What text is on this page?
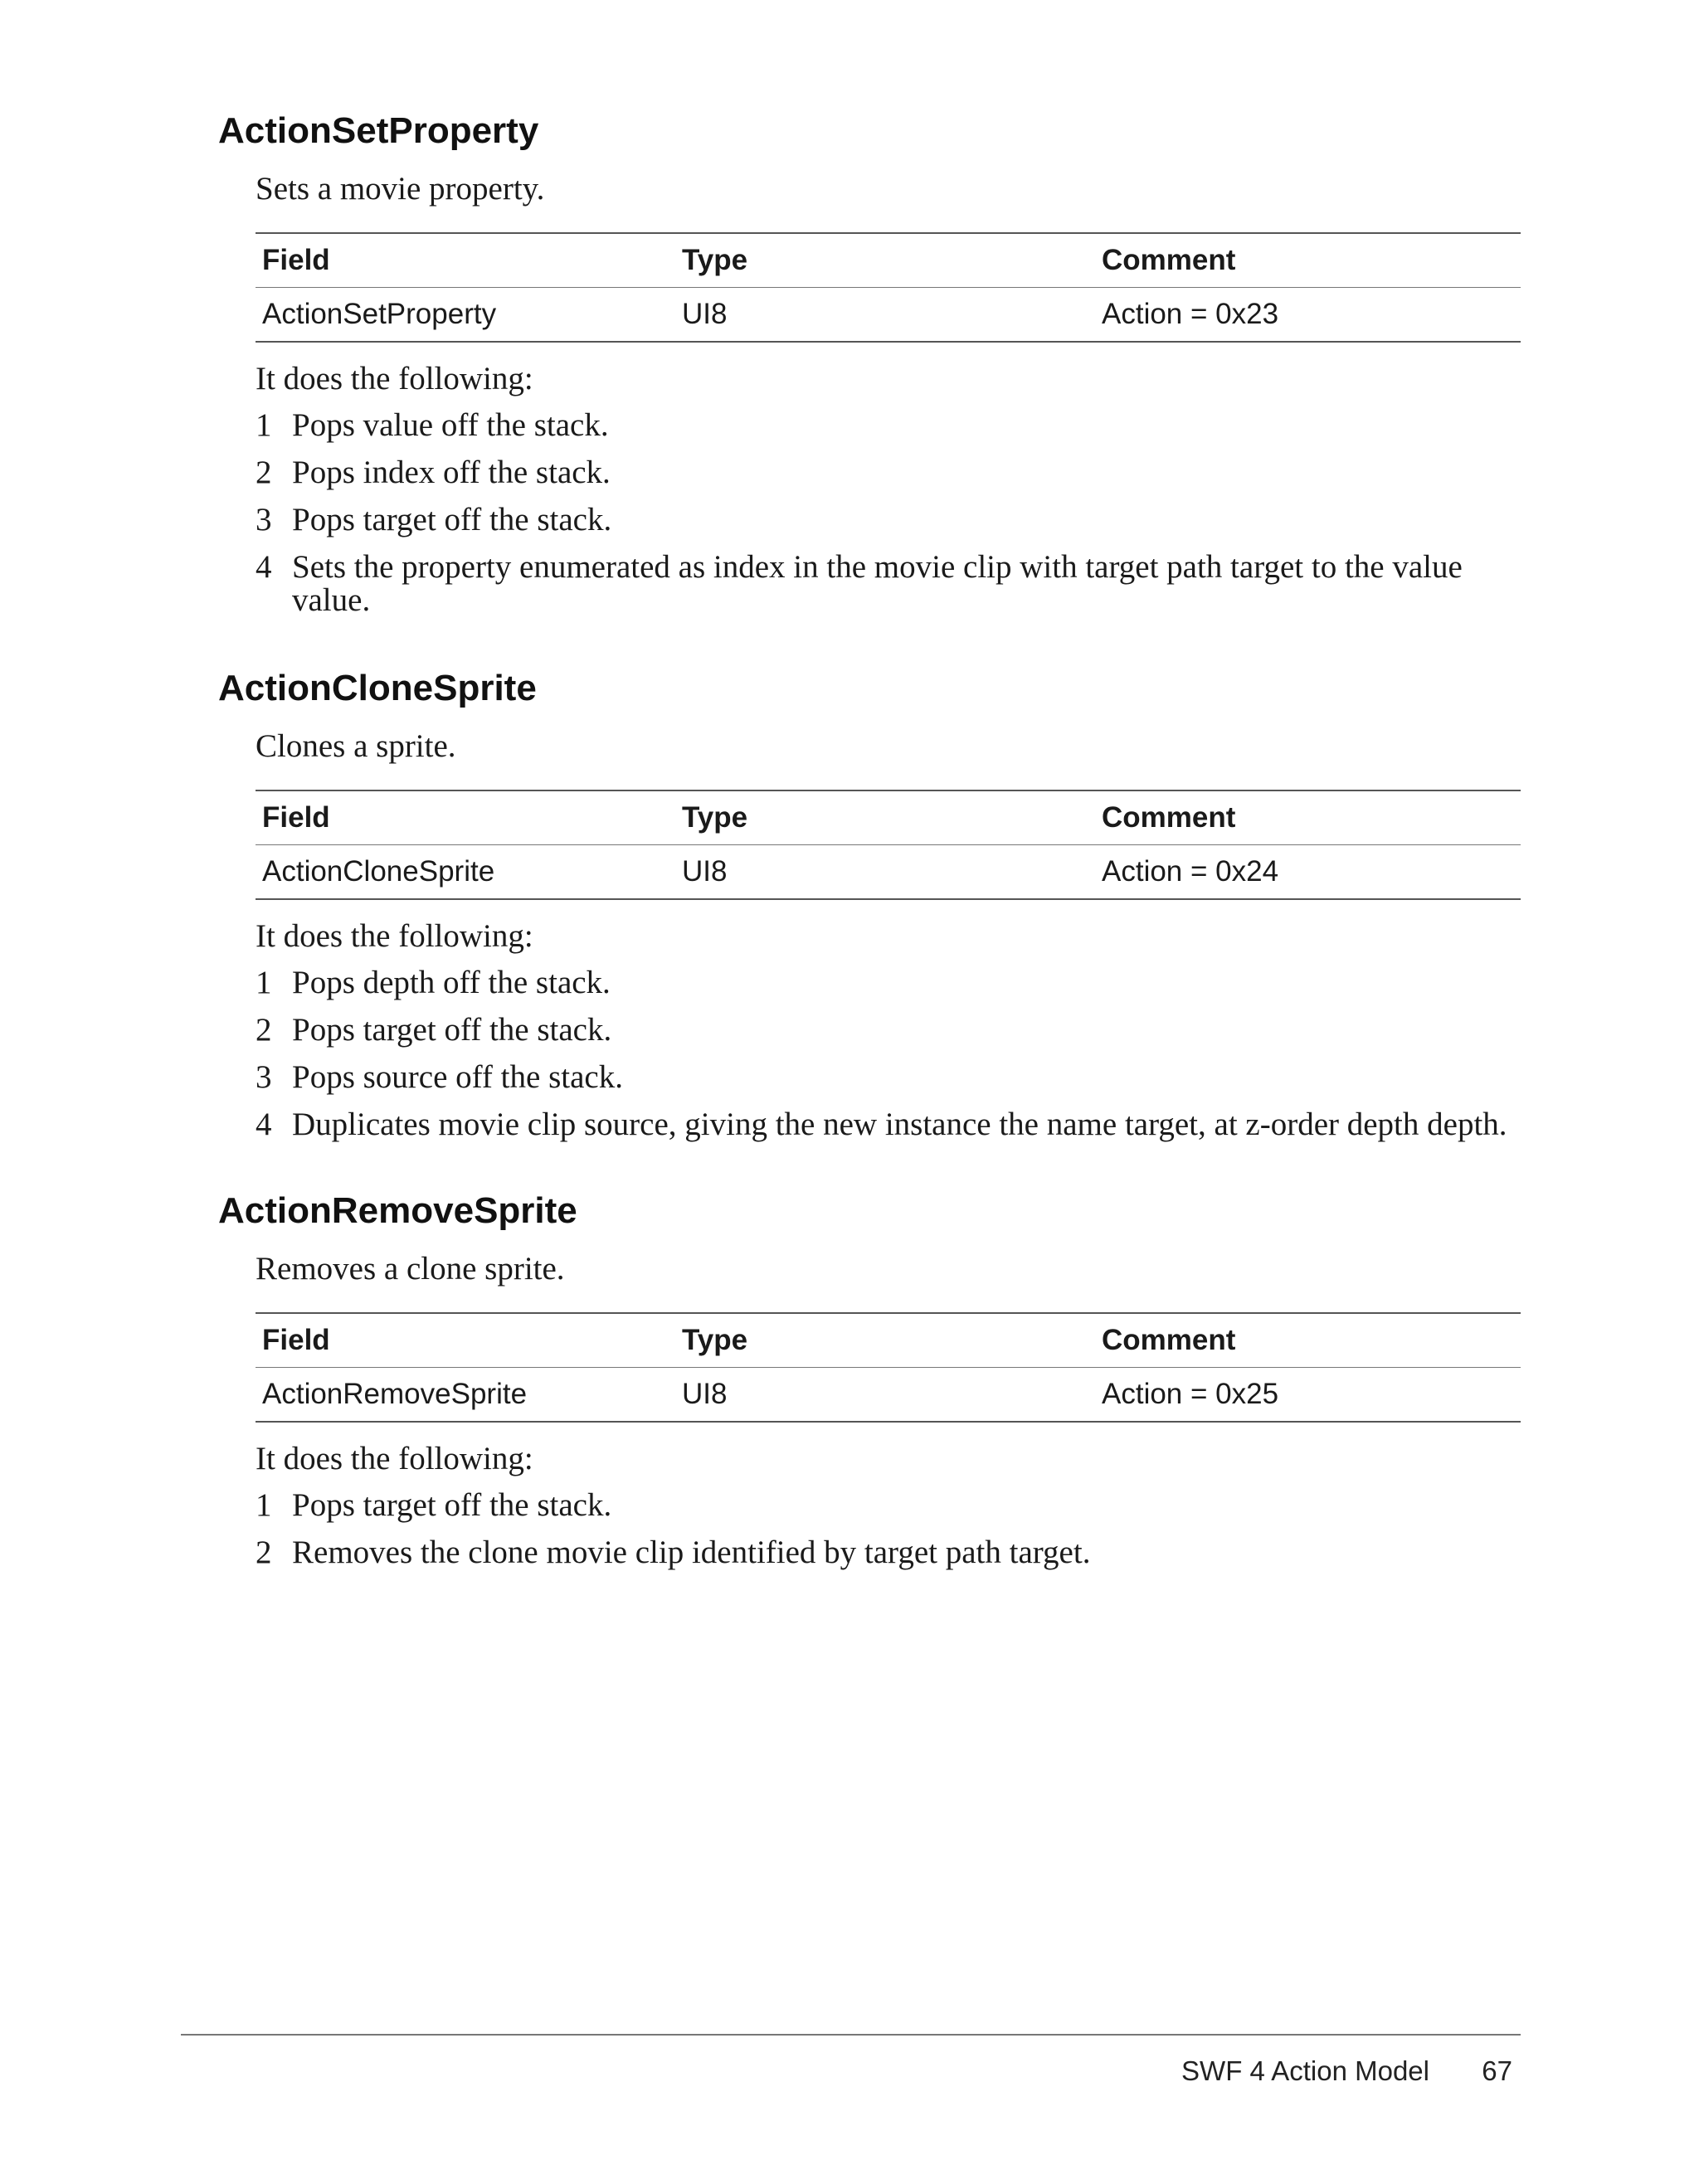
ActionSetProperty

Sets a movie property.

Field	Type	Comment
ActionSetProperty	UI8	Action = 0x23

It does the following:

1 Pops value off the stack.
2 Pops index off the stack.
3 Pops target off the stack.
4 Sets the property enumerated as index in the movie clip with target path target to the value value.
ActionCloneSprite

Clones a sprite.

Field	Type	Comment
ActionCloneSprite	UI8	Action = 0x24

It does the following:

1 Pops depth off the stack.
2 Pops target off the stack.
3 Pops source off the stack.
4 Duplicates movie clip source, giving the new instance the name target, at z-order depth depth.
ActionRemoveSprite

Removes a clone sprite.

Field	Type	Comment
ActionRemoveSprite	UI8	Action = 0x25

It does the following:

1 Pops target off the stack.
2 Removes the clone movie clip identified by target path target.
SWF 4 Action Model 67
